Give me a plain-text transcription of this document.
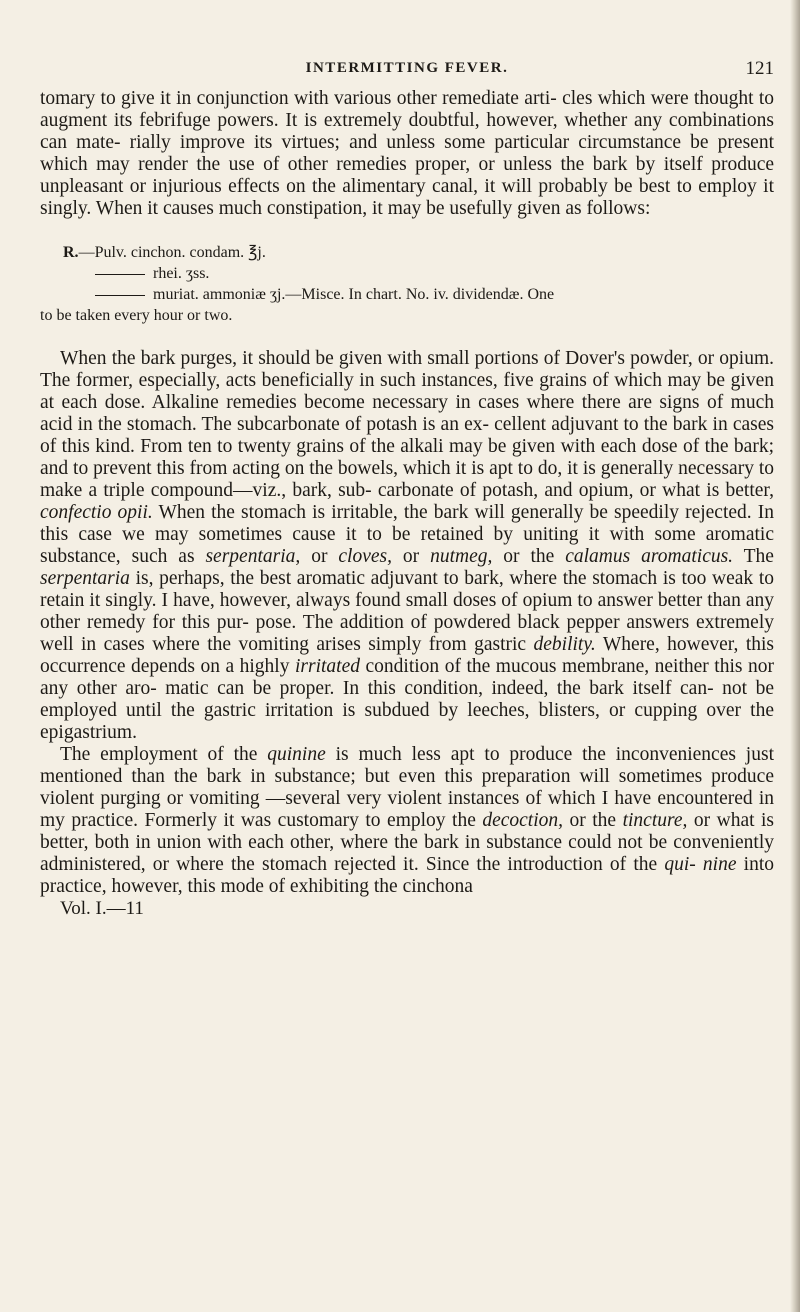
INTERMITTING FEVER.	121

tomary to give it in conjunction with various other remediate arti- cles which were thought to augment its febrifuge powers. It is extremely doubtful, however, whether any combinations can mate- rially improve its virtues; and unless some particular circumstance be present which may render the use of other remedies proper, or unless the bark by itself produce unpleasant or injurious effects on the alimentary canal, it will probably be best to employ it singly. When it causes much constipation, it may be usefully given as follows:

R.—Pulv. cinchon. condam. ℥j.
rhei. ʒss.
muriat. ammoniæ ʒj.—Misce. In chart. No. iv. dividendæ. One
to be taken every hour or two.

When the bark purges, it should be given with small portions of Dover's powder, or opium. The former, especially, acts beneficially in such instances, five grains of which may be given at each dose. Alkaline remedies become necessary in cases where there are signs of much acid in the stomach. The subcarbonate of potash is an ex- cellent adjuvant to the bark in cases of this kind. From ten to twenty grains of the alkali may be given with each dose of the bark; and to prevent this from acting on the bowels, which it is apt to do, it is generally necessary to make a triple compound—viz., bark, sub- carbonate of potash, and opium, or what is better, confectio opii. When the stomach is irritable, the bark will generally be speedily rejected. In this case we may sometimes cause it to be retained by uniting it with some aromatic substance, such as serpentaria, or cloves, or nutmeg, or the calamus aromaticus. The serpentaria is, perhaps, the best aromatic adjuvant to bark, where the stomach is too weak to retain it singly. I have, however, always found small doses of opium to answer better than any other remedy for this pur- pose. The addition of powdered black pepper answers extremely well in cases where the vomiting arises simply from gastric debility. Where, however, this occurrence depends on a highly irritated condition of the mucous membrane, neither this nor any other aro- matic can be proper. In this condition, indeed, the bark itself can- not be employed until the gastric irritation is subdued by leeches, blisters, or cupping over the epigastrium.

The employment of the quinine is much less apt to produce the inconveniences just mentioned than the bark in substance; but even this preparation will sometimes produce violent purging or vomiting —several very violent instances of which I have encountered in my practice. Formerly it was customary to employ the decoction, or the tincture, or what is better, both in union with each other, where the bark in substance could not be conveniently administered, or where the stomach rejected it. Since the introduction of the qui- nine into practice, however, this mode of exhibiting the cinchona

Vol. I.—11
